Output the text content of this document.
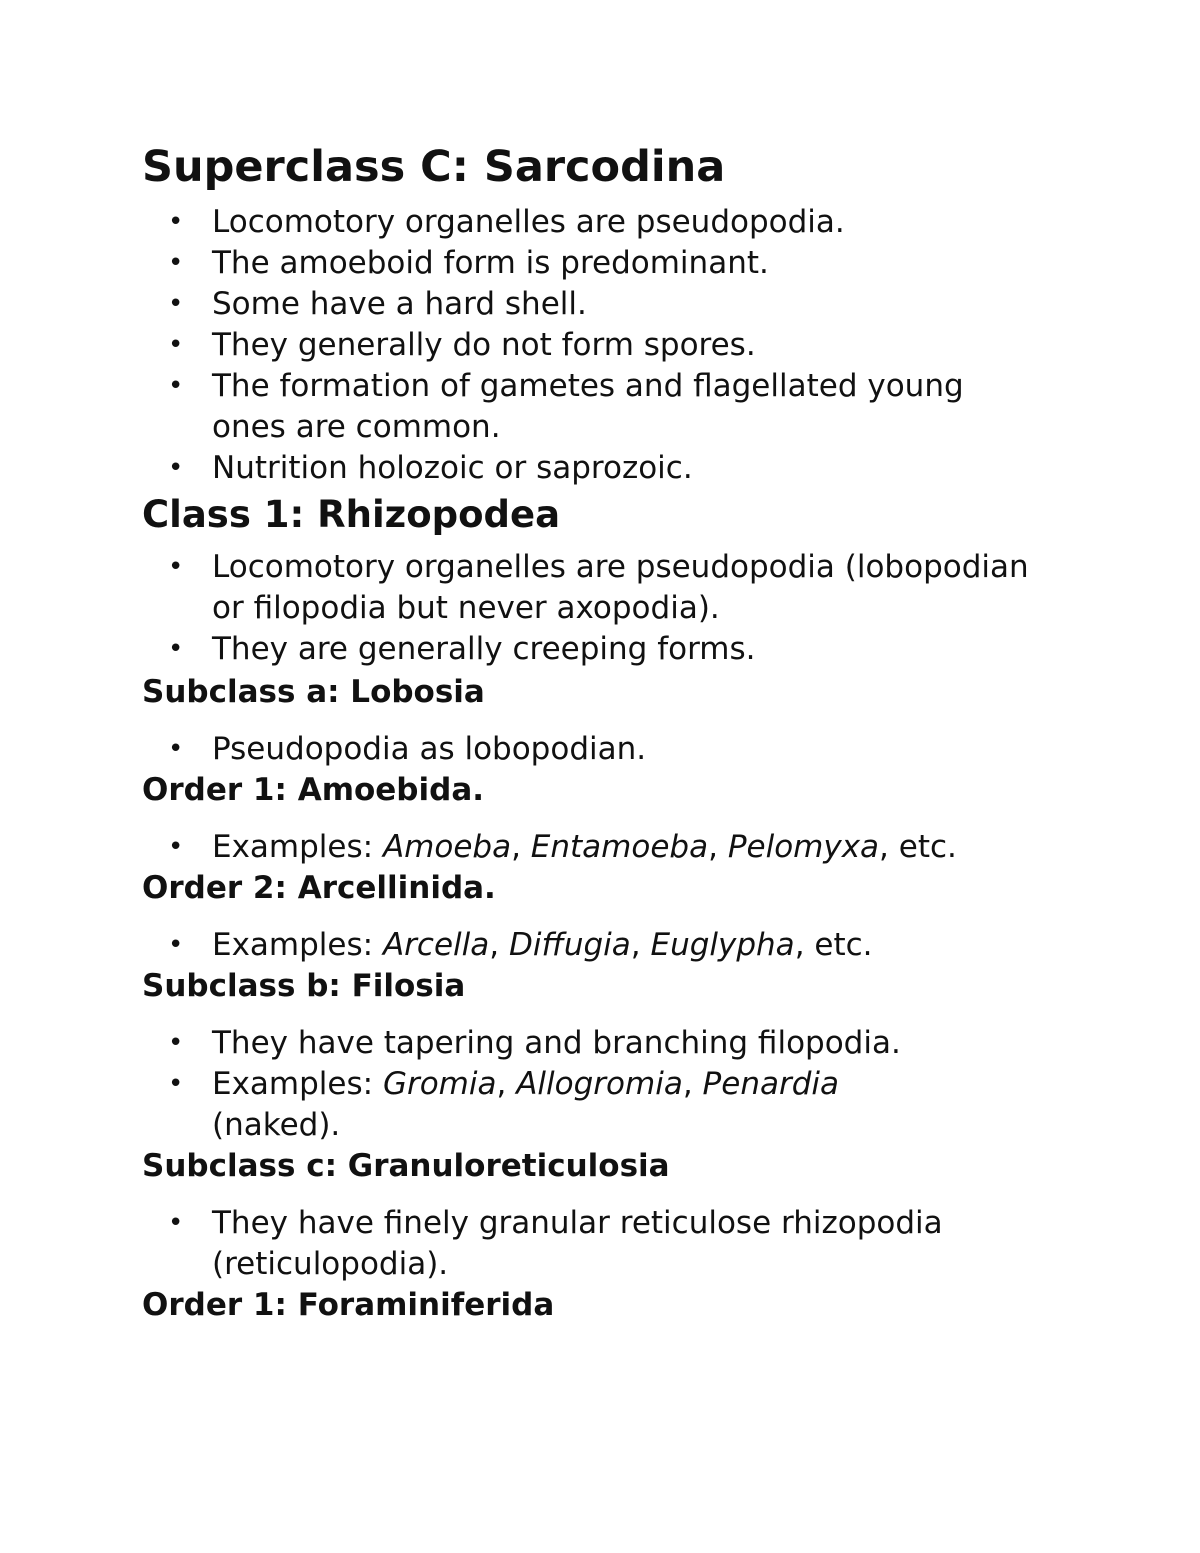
Superclass C: Sarcodina
• Locomotory organelles are pseudopodia.
• The amoeboid form is predominant.
• Some have a hard shell.
• They generally do not form spores.
• The formation of gametes and flagellated young ones are common.
• Nutrition holozoic or saprozoic.
Class 1: Rhizopodea
• Locomotory organelles are pseudopodia (lobopodian or filopodia but never axopodia).
• They are generally creeping forms.
Subclass a: Lobosia
• Pseudopodia as lobopodian.
Order 1: Amoebida.
• Examples: Amoeba, Entamoeba, Pelomyxa, etc.
Order 2: Arcellinida.
• Examples: Arcella, Diffugia, Euglypha, etc.
Subclass b: Filosia
• They have tapering and branching filopodia.
• Examples: Gromia, Allogromia, Penardia (naked).
Subclass c: Granuloreticulosia
• They have finely granular reticulose rhizopodia (reticulopodia).
Order 1: Foraminiferida
